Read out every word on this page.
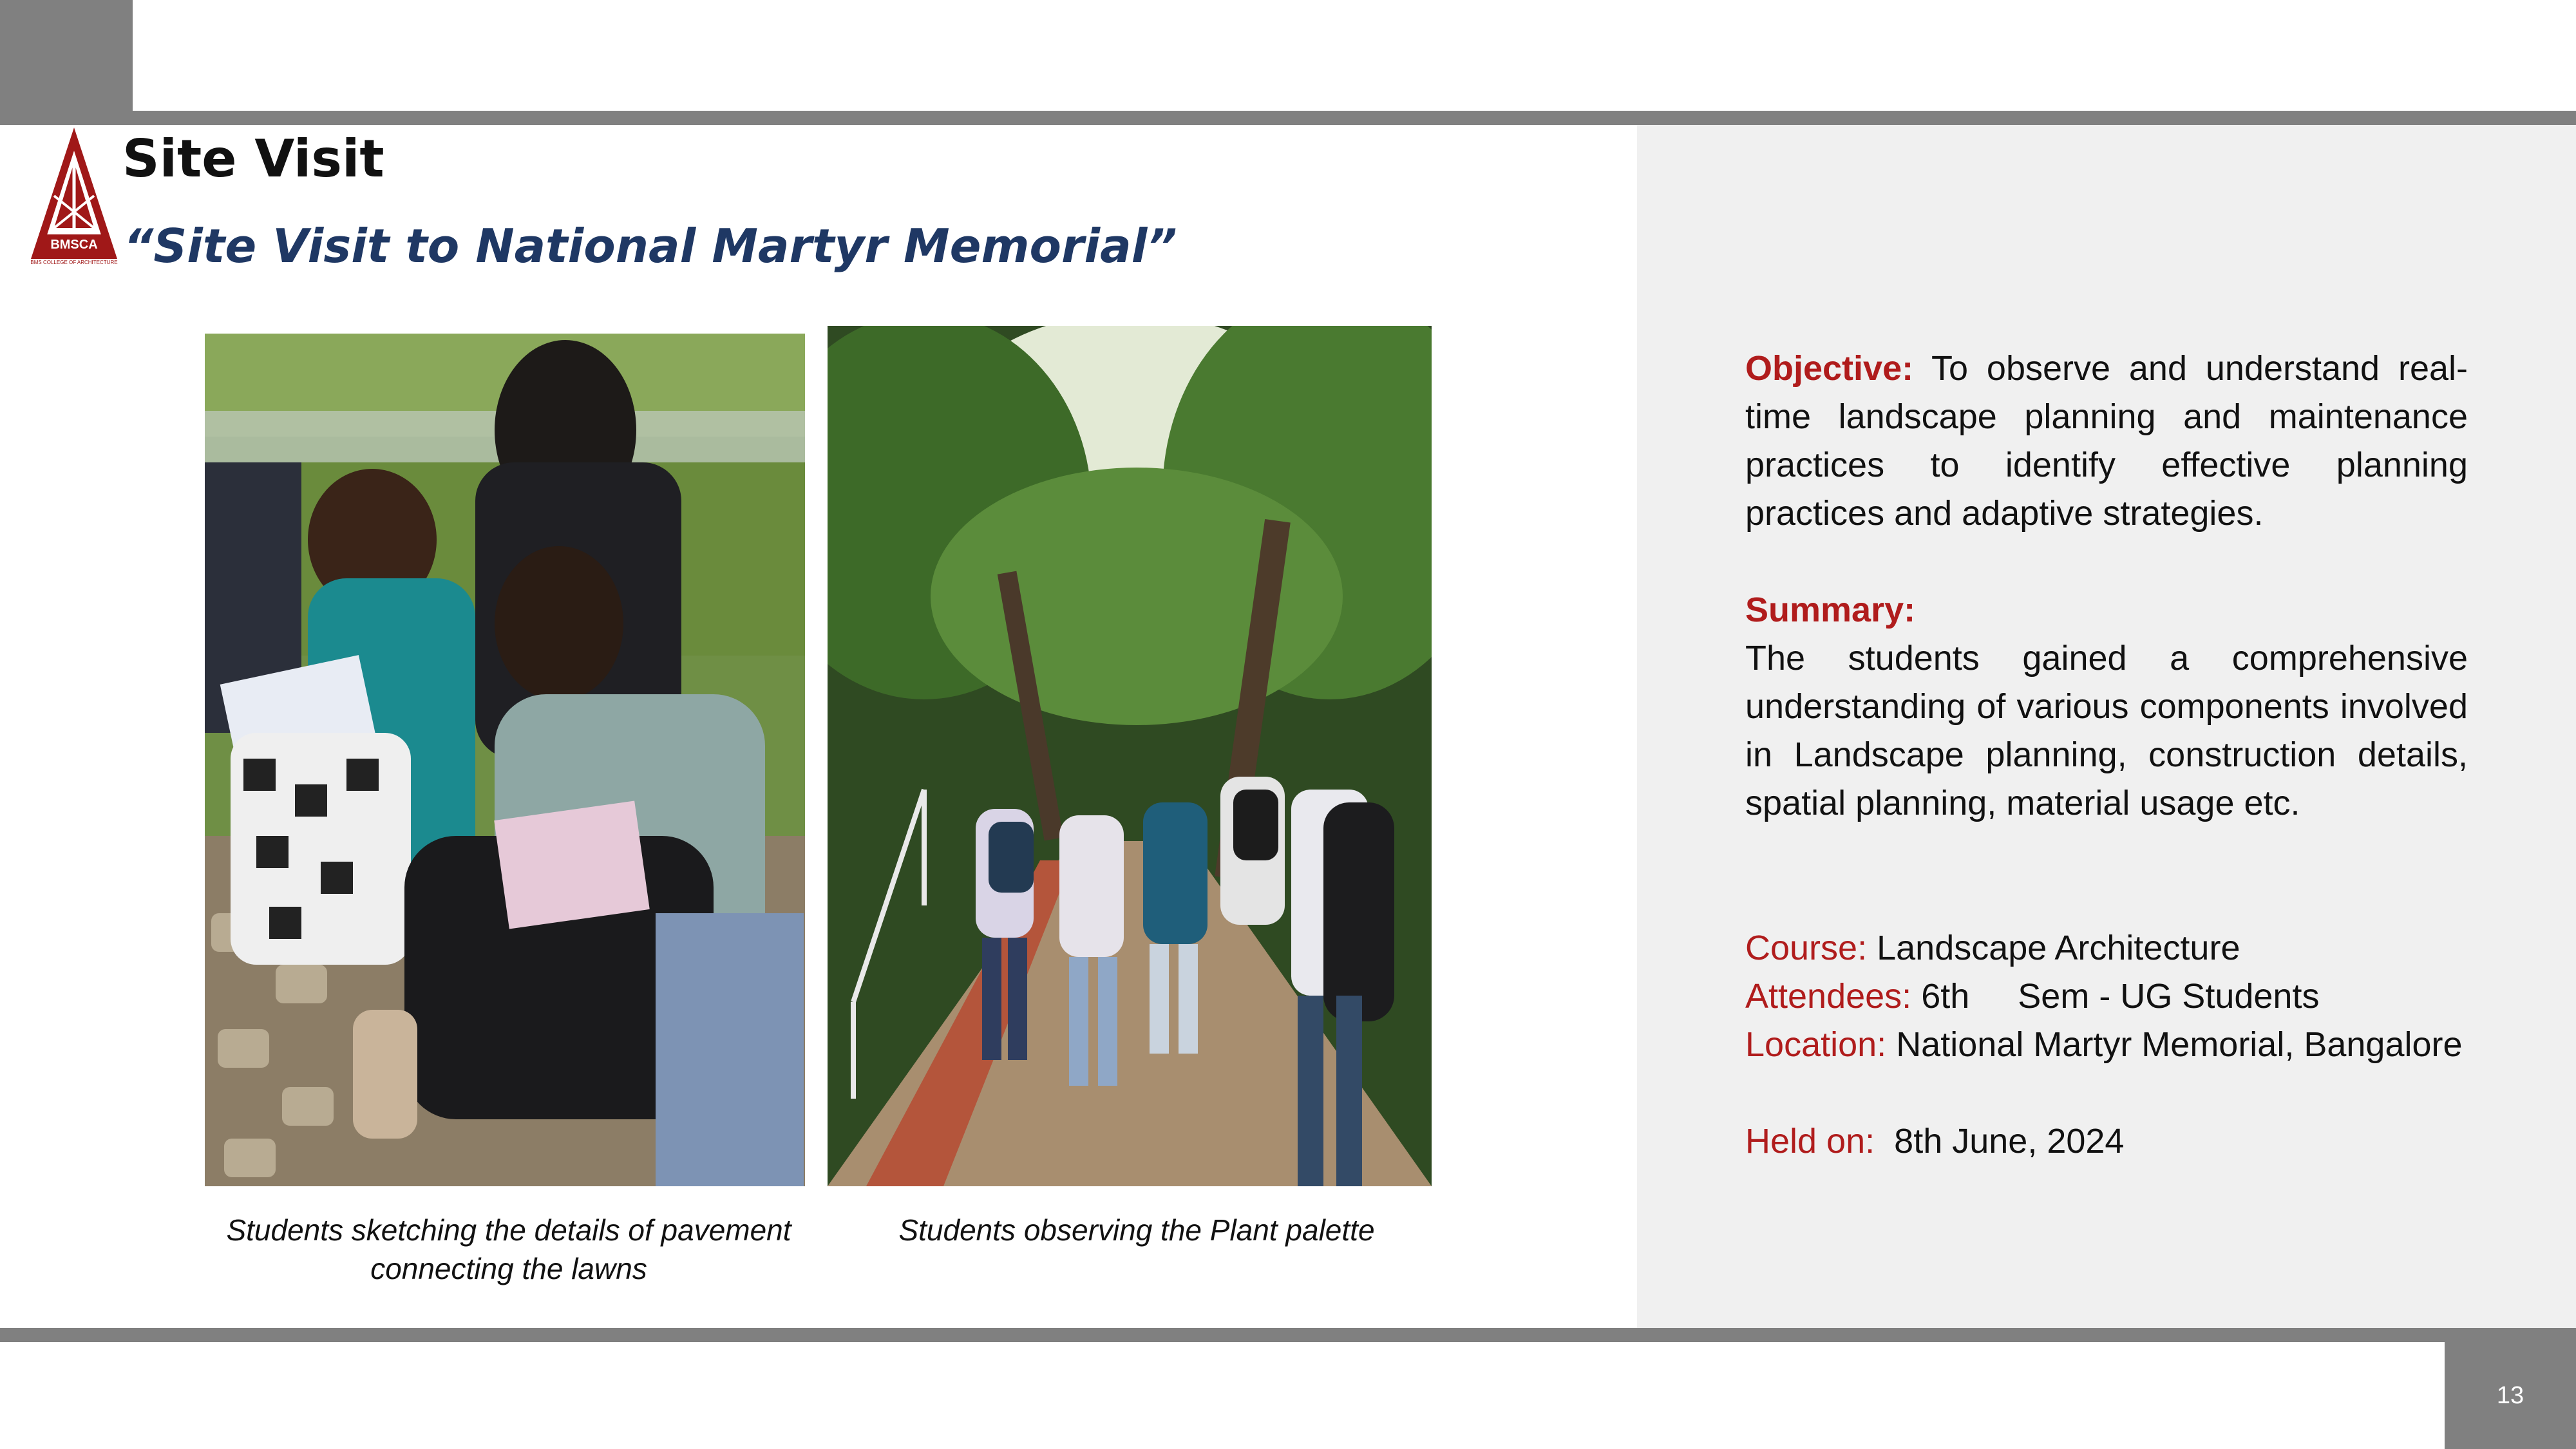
13
BMSCA
BMS COLLEGE OF ARCHITECTURE
Site Visit
“Site Visit to National Martyr Memorial”
Students sketching the details of pavement connecting the lawns
Students observing the Plant palette
Objective: To observe and understand real-time landscape planning and maintenance practices to identify effective planning practices and adaptive strategies.
Summary:
The students gained a comprehensive understanding of various components involved in Landscape planning, construction details, spatial planning, material usage etc.
Course: Landscape Architecture
Attendees: 6th     Sem - UG Students
Location: National Martyr Memorial, Bangalore
Held on: 8th June, 2024
